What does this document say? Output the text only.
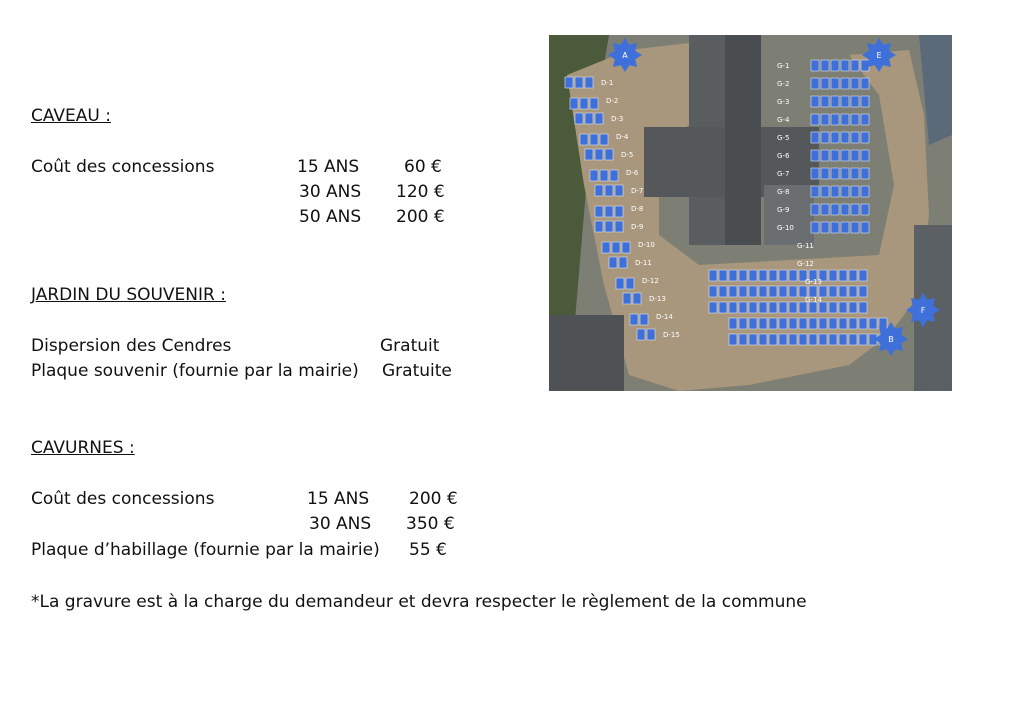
CAVEAU :
Coût des concessions	15 ANS	60 €
30 ANS 120 €
50 ANS 200 €
JARDIN DU SOUVENIR :
Dispersion des Cendres	Gratuit
Plaque souvenir (fournie par la mairie) Gratuite
CAVURNES :
Coût des concessions	15 ANS 200 €
30 ANS 350 €
Plaque d’habillage (fournie par la mairie) 55 €
*La gravure est à la charge du demandeur et devra respecter le règlement de la commune
D-1
D-2
D-3
D-4
D-5
D-6
D-7
D-8
D-9
D-10
D-11
D-12
D-13
D-14
D-15
G-1
G-2
G-3
G-4
G-5
G-6
G-7
G-8
G-9
G-10
G-11
G-12
G-13
G-14
A	E
F
B
